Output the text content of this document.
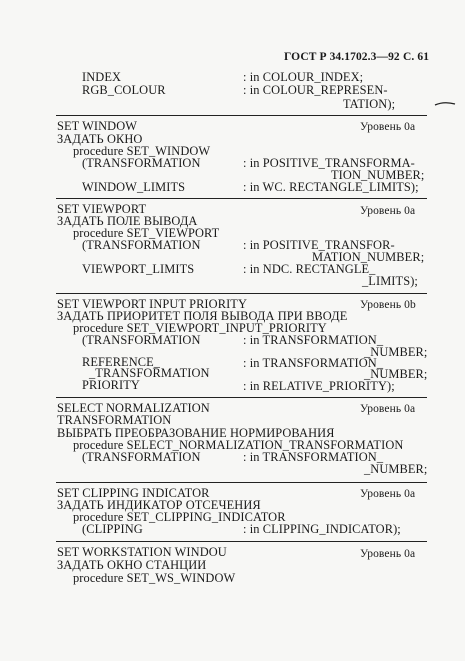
ГОСТ Р 34.1702.3—92 С. 61
INDEX	: in COLOUR_INDEX;
RGB_COLOUR	: in COLOUR_REPRESEN-
TATION);
SET WINDOW	Уровень 0а
ЗАДАТЬ ОКНО
procedure SET_WINDOW
(TRANSFORMATION	: in POSITIVE_TRANSFORMA-
TION_NUMBER;
WINDOW_LIMITS	: in WC. RECTANGLE_LIMITS);
SET VIEWPORT	Уровень 0а
ЗАДАТЬ ПОЛЕ ВЫВОДА
procedure SET_VIEWPORT
(TRANSFORMATION	: in POSITIVE_TRANSFOR-
MATION_NUMBER;
VIEWPORT_LIMITS	: in NDC. RECTANGLE_
_LIMITS);
SET VIEWPORT INPUT PRIORITY	Уровень 0b
ЗАДАТЬ ПРИОРИТЕТ ПОЛЯ ВЫВОДА ПРИ ВВОДЕ
procedure SET_VIEWPORT_INPUT_PRIORITY
(TRANSFORMATION	: in TRANSFORMATION_
_NUMBER;
REFERENCE_	: in TRANSFORMATION_
_TRANSFORMATION	_NUMBER;
PRIORITY	: in RELATIVE_PRIORITY);
SELECT NORMALIZATION	Уровень 0а
TRANSFORMATION
ВЫБРАТЬ ПРЕОБРАЗОВАНИЕ НОРМИРОВАНИЯ
procedure SELECT_NORMALIZATION_TRANSFORMATION
(TRANSFORMATION	: in TRANSFORMATION_
_NUMBER;
SET CLIPPING INDICATOR	Уровень 0а
ЗАДАТЬ ИНДИКАТОР ОТСЕЧЕНИЯ
procedure SET_CLIPPING_INDICATOR
(CLIPPING	: in CLIPPING_INDICATOR);
SET WORKSTATION WINDOU	Уровень 0а
ЗАДАТЬ ОКНО СТАНЦИИ
procedure SET_WS_WINDOW
